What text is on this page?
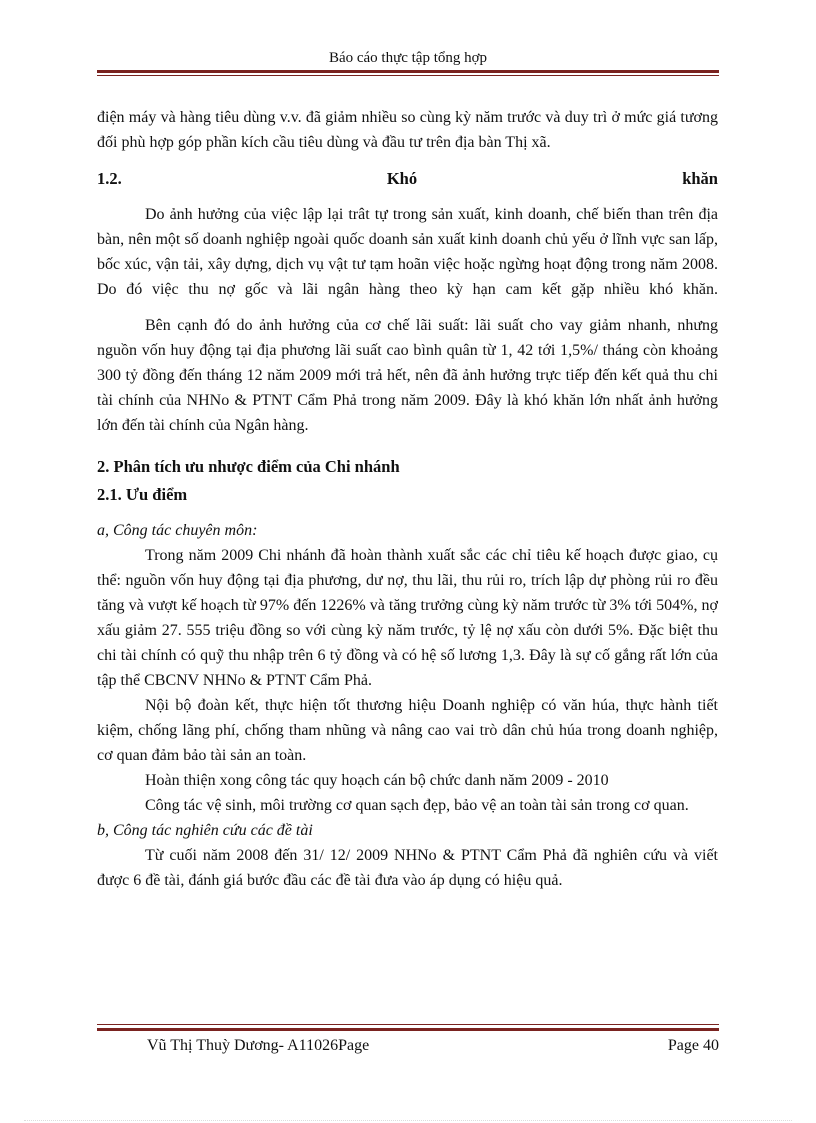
Báo cáo thực tập tổng hợp

điện máy và hàng tiêu dùng v.v. đã giảm nhiều so cùng kỳ năm trước và duy trì ở mức giá tương đối phù hợp góp phần kích cầu tiêu dùng và đầu tư trên địa bàn Thị xã.

1.2.	Khó	khăn

Do ảnh hưởng của việc lập lại trât tự trong sản xuất, kinh doanh, chế biến than trên địa bàn, nên một số doanh nghiệp ngoài quốc doanh sản xuất kinh doanh chủ yếu ở lĩnh vực san lấp, bốc xúc, vận tải, xây dựng, dịch vụ vật tư tạm hoãn việc hoặc ngừng hoạt động trong năm 2008. Do đó việc thu nợ gốc và lãi ngân hàng theo kỳ hạn cam kết gặp nhiều khó khăn.

Bên cạnh đó do ảnh hưởng của cơ chế lãi suất: lãi suất cho vay giảm nhanh, nhưng nguồn vốn huy động tại địa phương lãi suất cao bình quân từ 1, 42 tới 1,5%/ tháng còn khoảng 300 tỷ đồng đến tháng 12 năm 2009 mới trả hết, nên đã ảnh hưởng trực tiếp đến kết quả thu chi tài chính của NHNo & PTNT Cẩm Phả trong năm 2009. Đây là khó khăn lớn nhất ảnh hưởng lớn đến tài chính của Ngân hàng.

2. Phân tích ưu nhược điểm của Chi nhánh
2.1. Ưu điểm
a, Công tác chuyên môn:

Trong năm 2009 Chi nhánh đã hoàn thành xuất sắc các chỉ tiêu kế hoạch được giao, cụ thể: nguồn vốn huy động tại địa phương, dư nợ, thu lãi, thu rủi ro, trích lập dự phòng rủi ro đều tăng và vượt kế hoạch từ 97% đến 1226% và tăng trưởng cùng kỳ năm trước từ 3% tới 504%, nợ xấu giảm 27. 555 triệu đồng so với cùng kỳ năm trước, tỷ lệ nợ xấu còn dưới 5%. Đặc biệt thu chi tài chính có quỹ thu nhập trên 6 tỷ đồng và có hệ số lương 1,3. Đây là sự cố gắng rất lớn của tập thể CBCNV NHNo & PTNT Cẩm Phả.

Nội bộ đoàn kết, thực hiện tốt thương hiệu Doanh nghiệp có văn húa, thực hành tiết kiệm, chống lãng phí, chống tham nhũng và nâng cao vai trò dân chủ húa trong doanh nghiệp, cơ quan đảm bảo tài sản an toàn.

Hoàn thiện xong công tác quy hoạch cán bộ chức danh năm 2009 - 2010

Công tác vệ sinh, môi trường cơ quan sạch đẹp, bảo vệ an toàn tài sản trong cơ quan.

b, Công tác nghiên cứu các đề tài

Từ cuối năm 2008 đến 31/ 12/ 2009 NHNo & PTNT Cẩm Phả đã nghiên cứu và viết được 6 đề tài, đánh giá bước đầu các đề tài đưa vào áp dụng có hiệu quả.

Vũ Thị Thuỳ Dương- A11026Page	Page 40
